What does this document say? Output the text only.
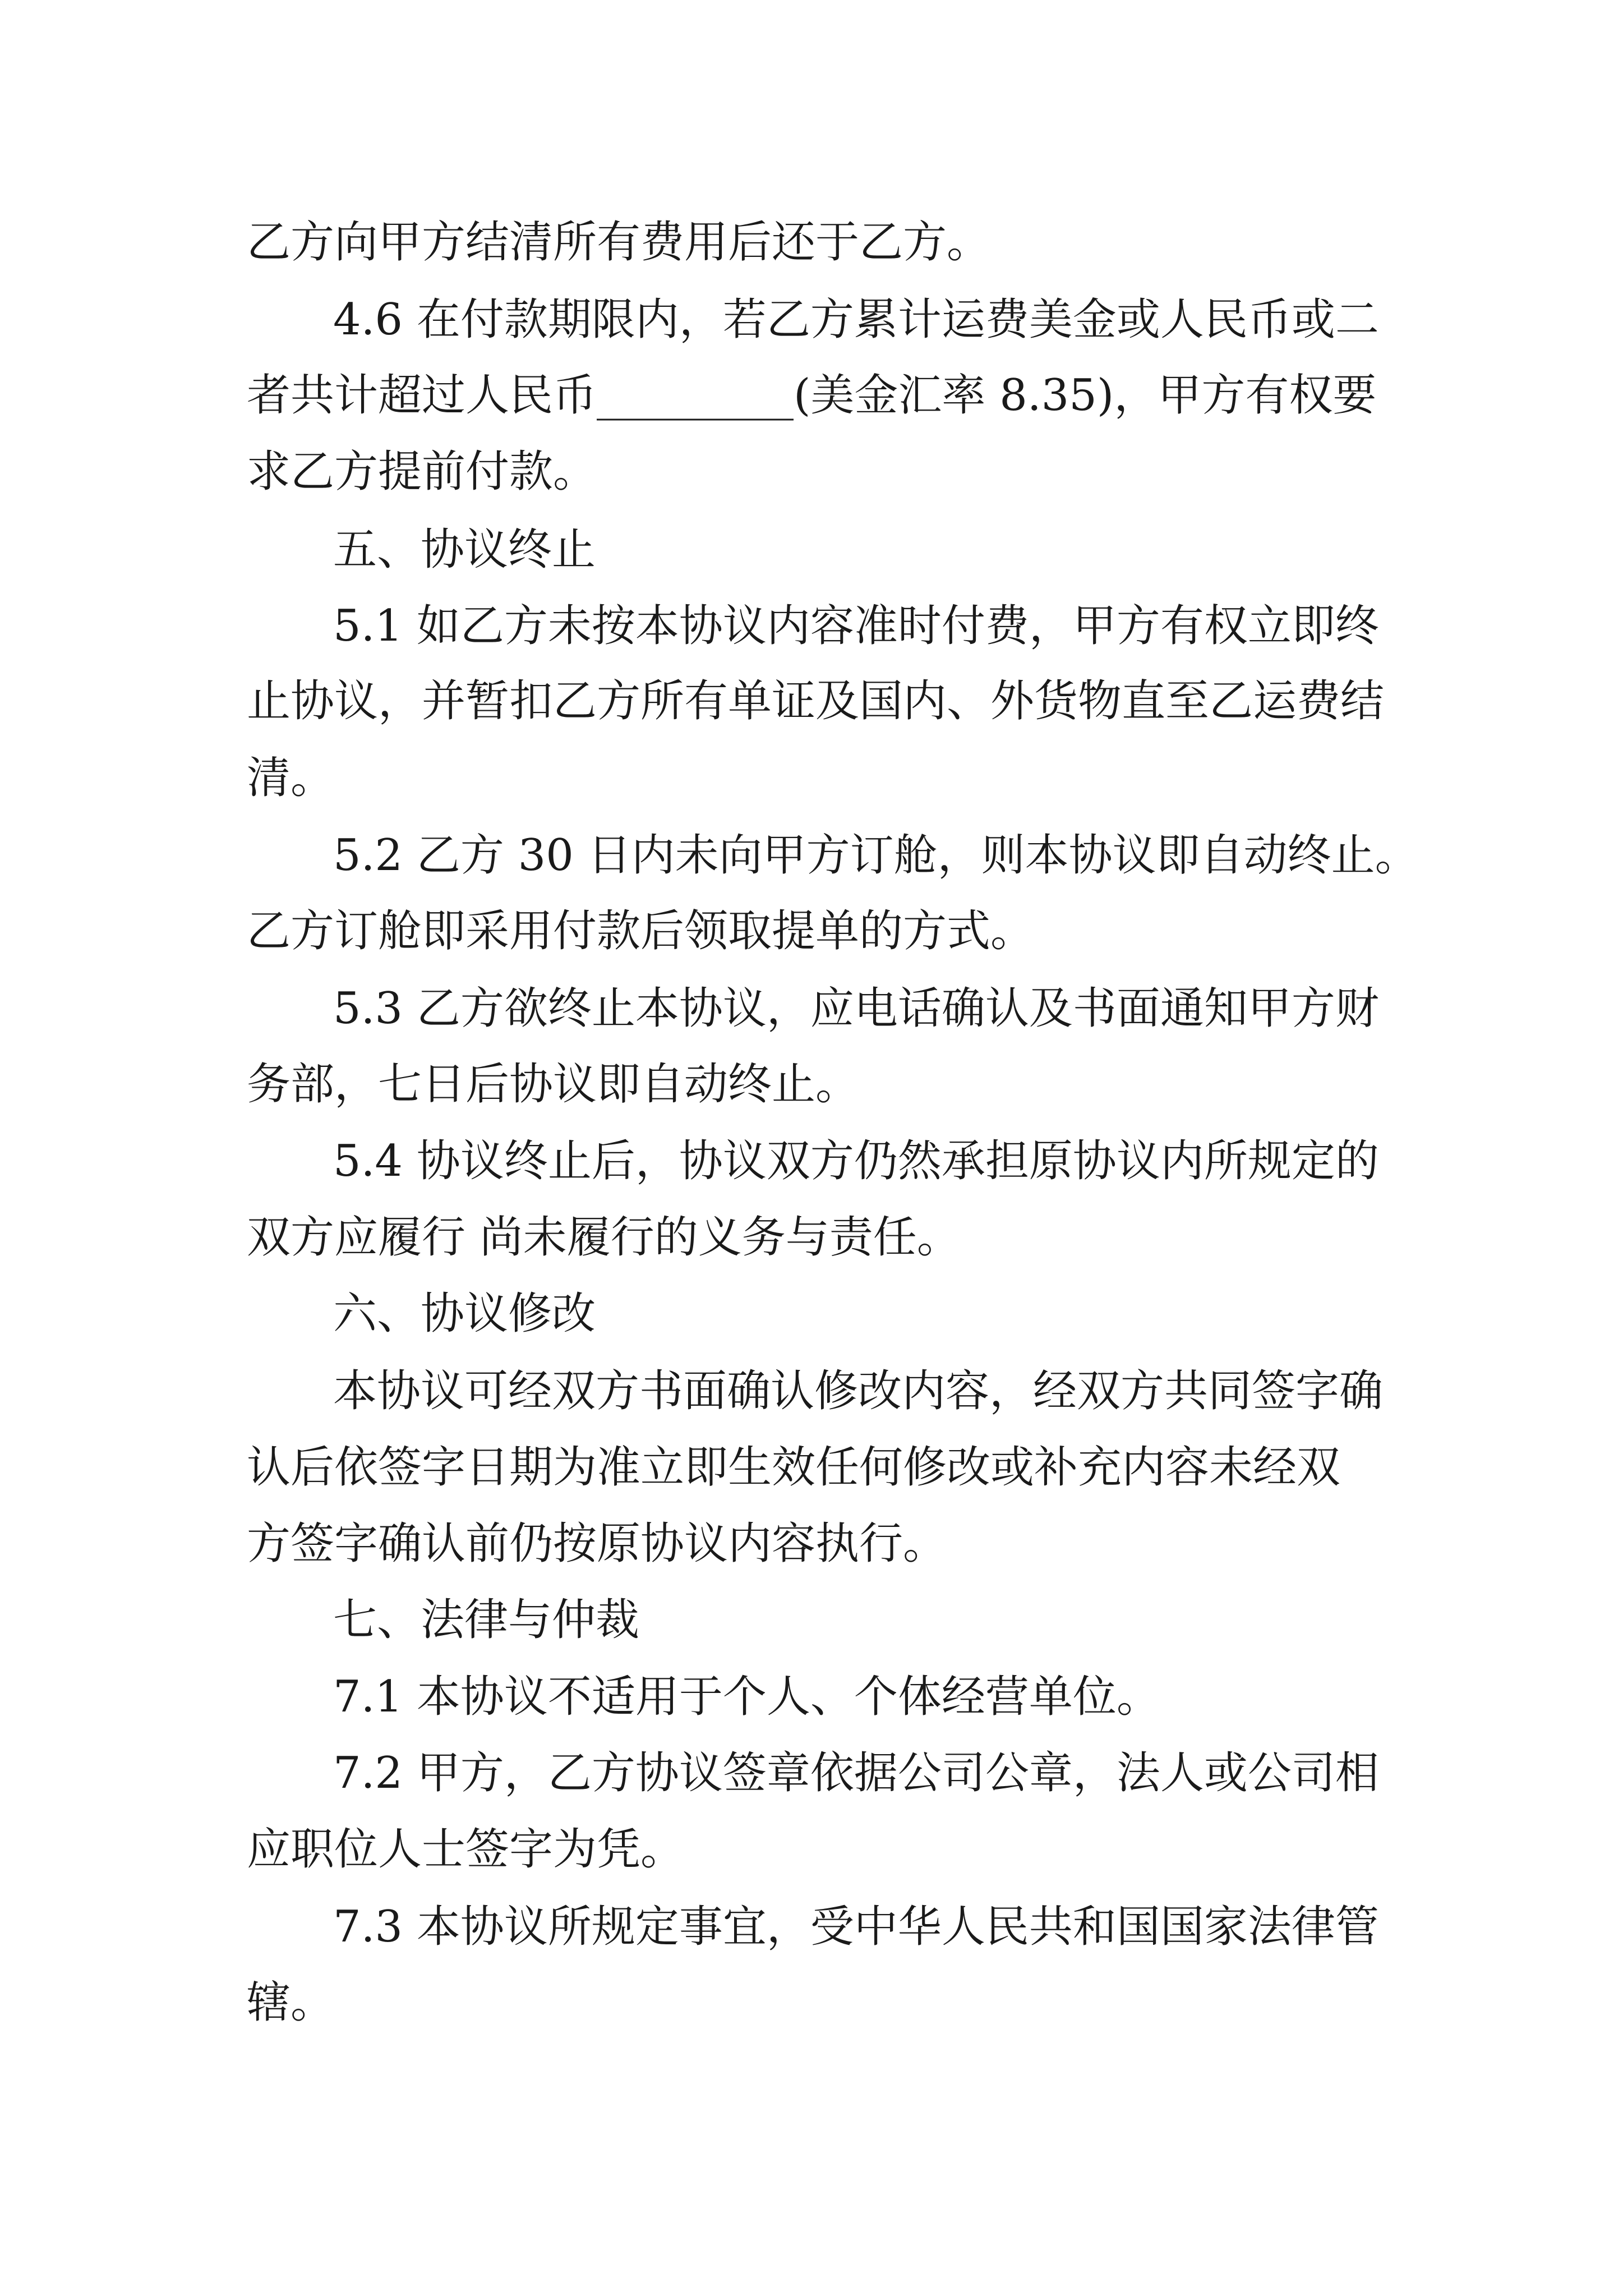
乙方向甲方结清所有费用后还于乙方。

4.6 在付款期限内，若乙方累计运费美金或人民币或二

者共计超过人民币_________(美金汇率 8.35)，甲方有权要

求乙方提前付款。

五、协议终止

5.1 如乙方未按本协议内容准时付费，甲方有权立即终

止协议，并暂扣乙方所有单证及国内、外货物直至乙运费结

清。

5.2 乙方 30 日内未向甲方订舱，则本协议即自动终止。

乙方订舱即采用付款后领取提单的方式。

5.3 乙方欲终止本协议，应电话确认及书面通知甲方财

务部，七日后协议即自动终止。

5.4 协议终止后，协议双方仍然承担原协议内所规定的

双方应履行 尚未履行的义务与责任。

六、协议修改

本协议可经双方书面确认修改内容，经双方共同签字确

认后依签字日期为准立即生效任何修改或补充内容未经双

方签字确认前仍按原协议内容执行。

七、法律与仲裁

7.1 本协议不适用于个人、个体经营单位。

7.2 甲方，乙方协议签章依据公司公章，法人或公司相

应职位人士签字为凭。

7.3 本协议所规定事宜，受中华人民共和国国家法律管

辖。
